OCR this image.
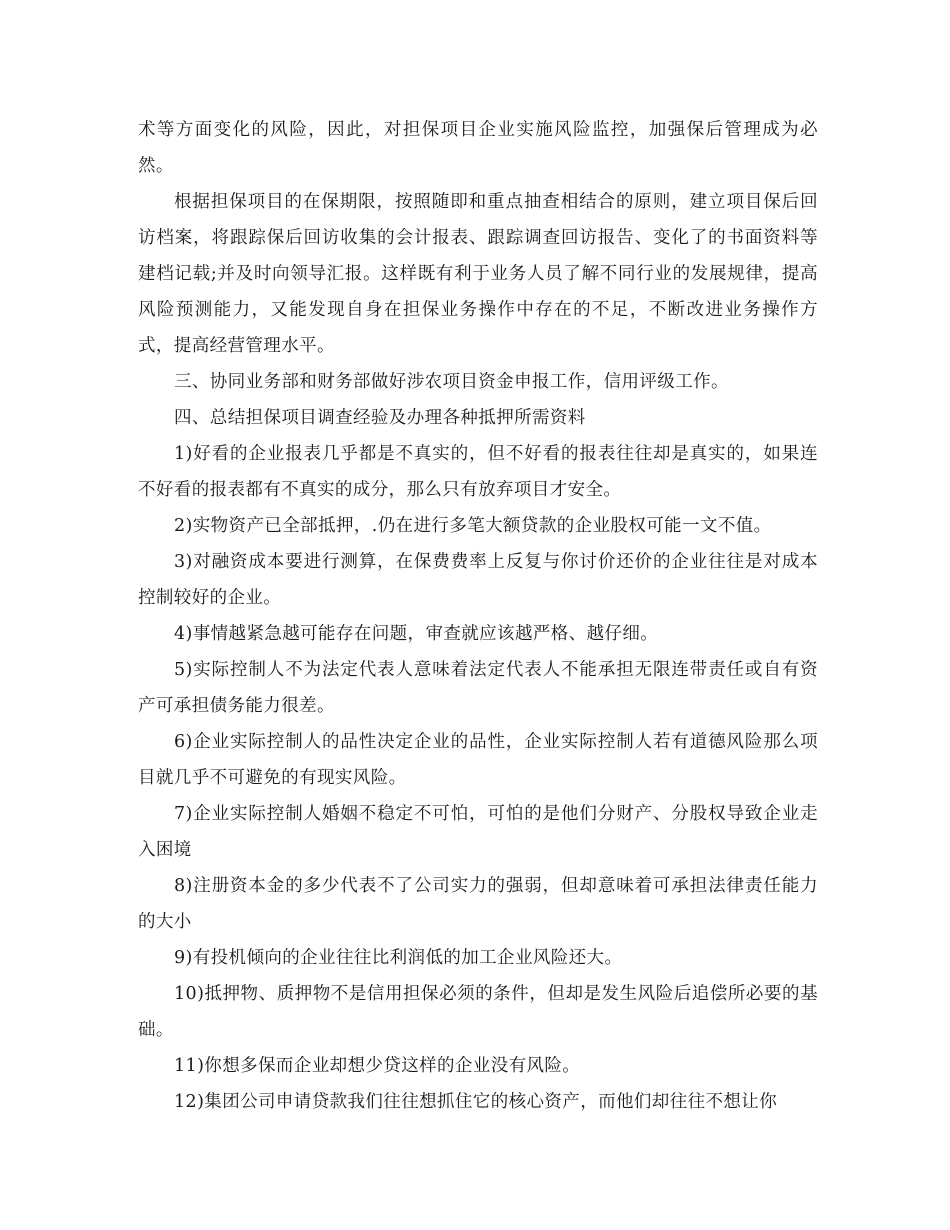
术等方面变化的风险，因此，对担保项目企业实施风险监控，加强保后管理成为必然。

根据担保项目的在保期限，按照随即和重点抽查相结合的原则，建立项目保后回访档案，将跟踪保后回访收集的会计报表、跟踪调查回访报告、变化了的书面资料等建档记载;并及时向领导汇报。这样既有利于业务人员了解不同行业的发展规律，提高风险预测能力，又能发现自身在担保业务操作中存在的不足，不断改进业务操作方式，提高经营管理水平。

三、协同业务部和财务部做好涉农项目资金申报工作，信用评级工作。

四、总结担保项目调查经验及办理各种抵押所需资料

1)好看的企业报表几乎都是不真实的，但不好看的报表往往却是真实的，如果连不好看的报表都有不真实的成分，那么只有放弃项目才安全。

2)实物资产已全部抵押，.仍在进行多笔大额贷款的企业股权可能一文不值。

3)对融资成本要进行测算，在保费费率上反复与你讨价还价的企业往往是对成本控制较好的企业。

4)事情越紧急越可能存在问题，审查就应该越严格、越仔细。

5)实际控制人不为法定代表人意味着法定代表人不能承担无限连带责任或自有资产可承担债务能力很差。

6)企业实际控制人的品性决定企业的品性，企业实际控制人若有道德风险那么项目就几乎不可避免的有现实风险。

7)企业实际控制人婚姻不稳定不可怕，可怕的是他们分财产、分股权导致企业走入困境

8)注册资本金的多少代表不了公司实力的强弱，但却意味着可承担法律责任能力的大小

9)有投机倾向的企业往往比利润低的加工企业风险还大。

10)抵押物、质押物不是信用担保必须的条件，但却是发生风险后追偿所必要的基础。

11)你想多保而企业却想少贷这样的企业没有风险。

12)集团公司申请贷款我们往往想抓住它的核心资产，而他们却往往不想让你
